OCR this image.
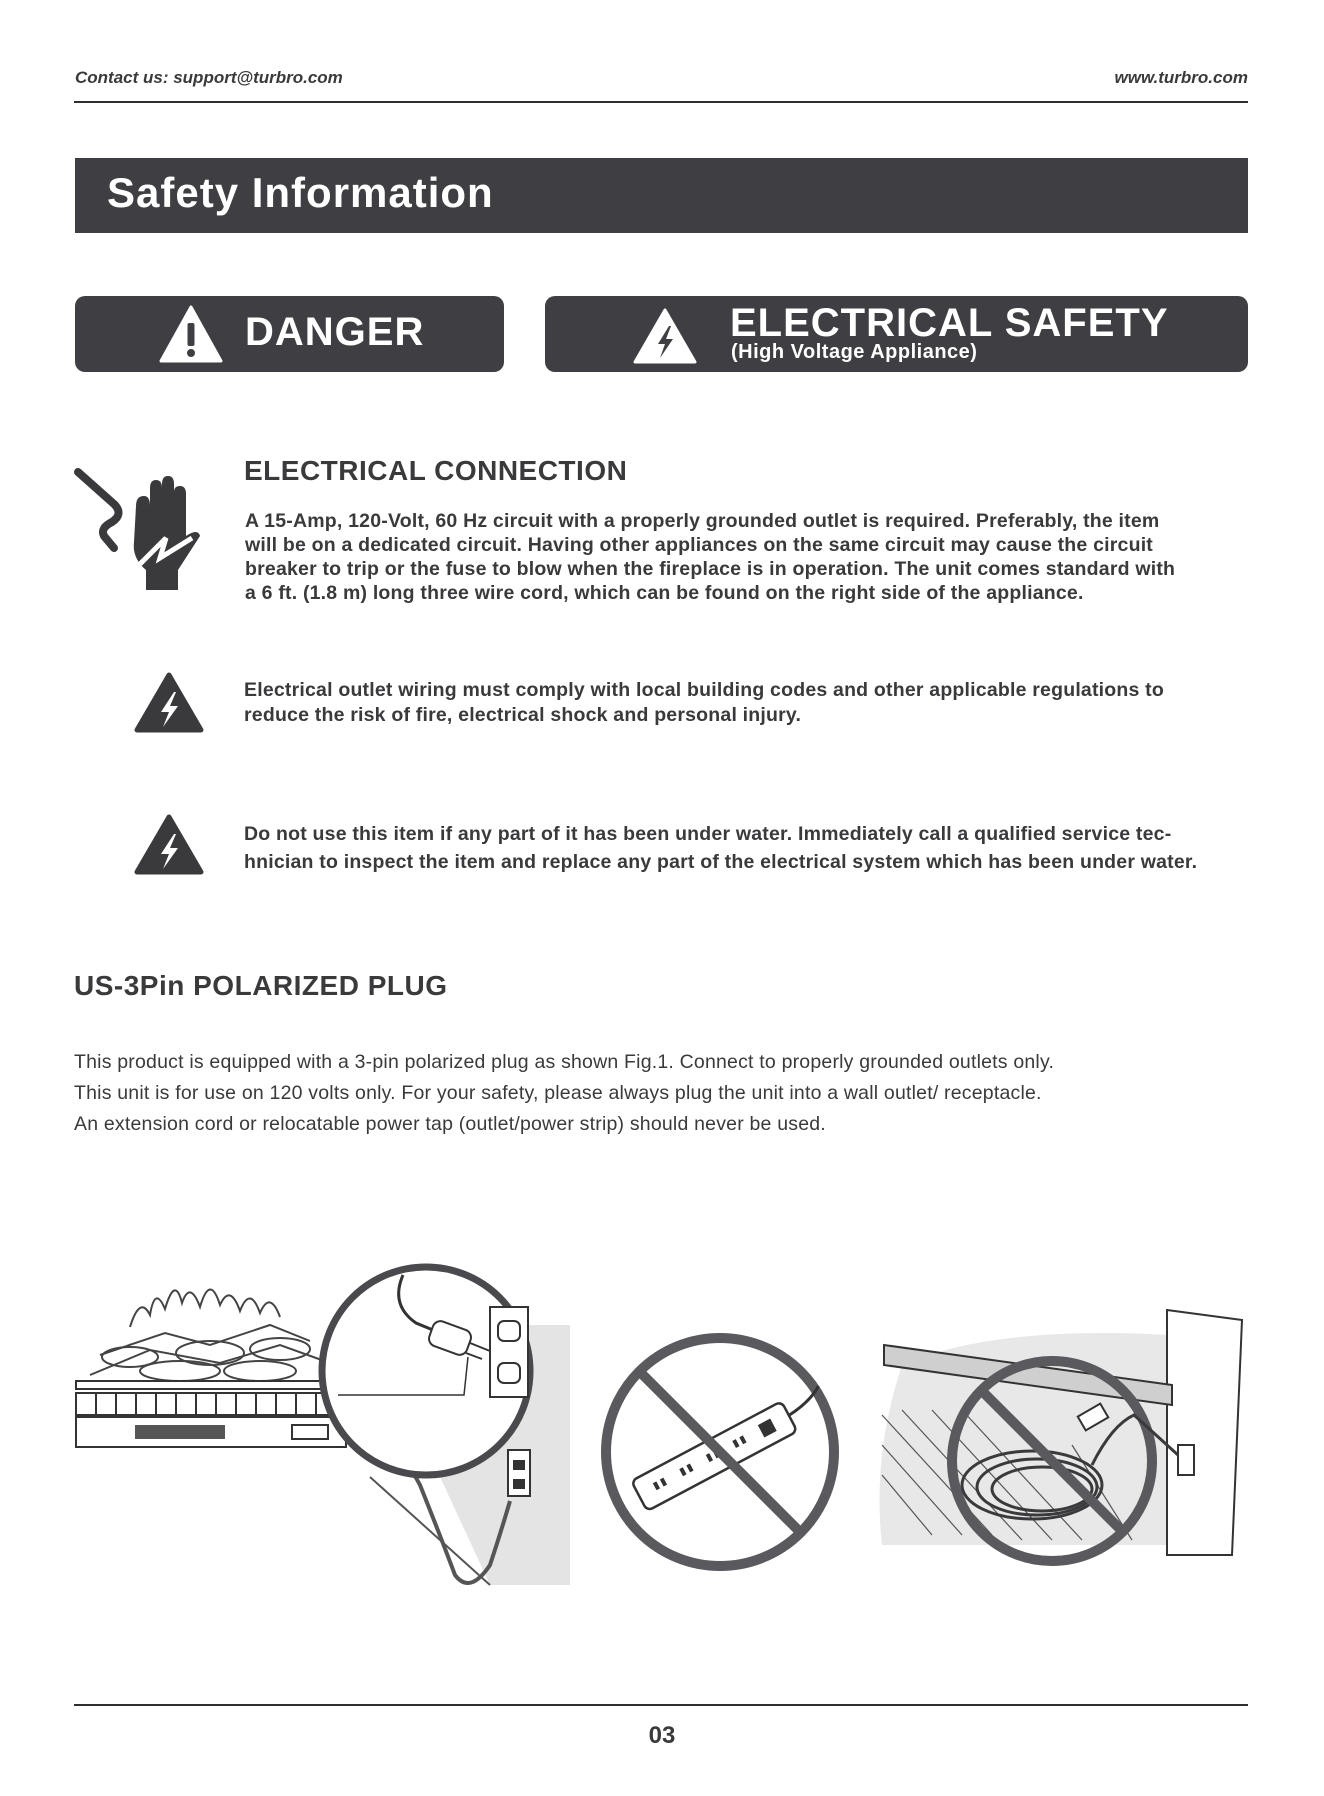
Contact us: support@turbro.com	www.turbro.com
Safety Information
DANGER	ELECTRICAL SAFETY
(High Voltage Appliance)
ELECTRICAL CONNECTION
A 15-Amp, 120-Volt, 60 Hz circuit with a properly grounded outlet is required. Preferably, the item
will be on a dedicated circuit. Having other appliances on the same circuit may cause the circuit
breaker to trip or the fuse to blow when the fireplace is in operation. The unit comes standard with
a 6 ft. (1.8 m) long three wire cord, which can be found on the right side of the appliance.
Electrical outlet wiring must comply with local building codes and other applicable regulations to
reduce the risk of fire, electrical shock and personal injury.
Do not use this item if any part of it has been under water. Immediately call a qualified service tec-
hnician to inspect the item and replace any part of the electrical system which has been under water.
US-3Pin POLARIZED PLUG
This product is equipped with a 3-pin polarized plug as shown Fig.1. Connect to properly grounded outlets only.
This unit is for use on 120 volts only. For your safety, please always plug the unit into a wall outlet/ receptacle.
An extension cord or relocatable power tap (outlet/power strip) should never be used.
03
